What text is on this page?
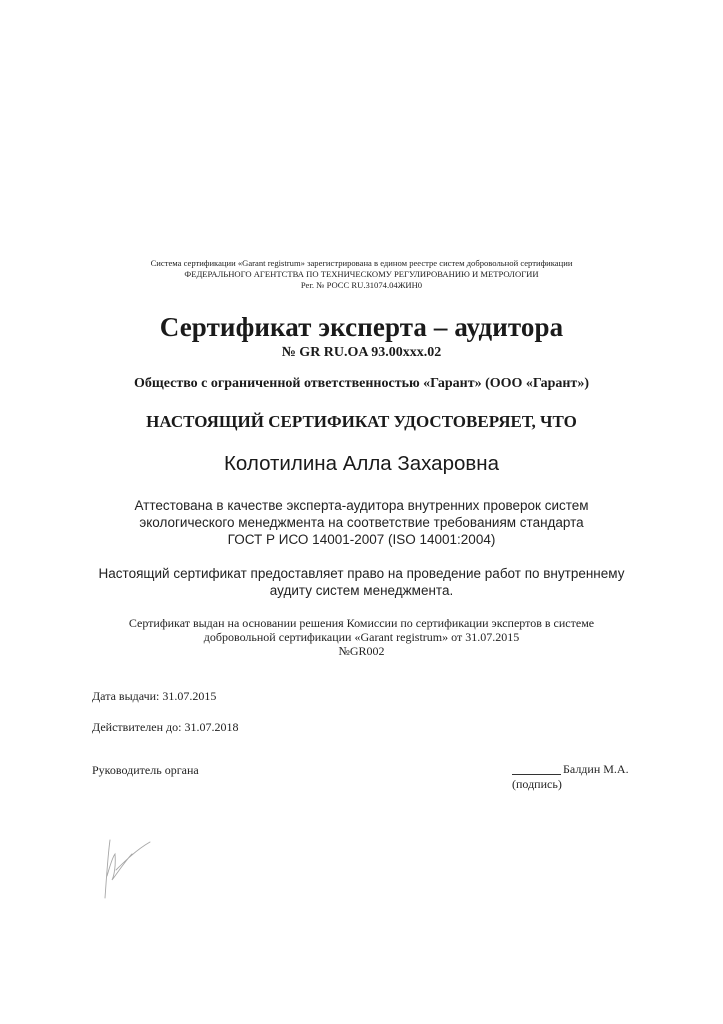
Система сертификации «Garant registrum» зарегистрирована в едином реестре систем добровольной сертификации
ФЕДЕРАЛЬНОГО АГЕНТСТВА ПО ТЕХНИЧЕСКОМУ РЕГУЛИРОВАНИЮ И МЕТРОЛОГИИ
Рег. № РОСС RU.31074.04ЖИН0
Сертификат эксперта – аудитора
№ GR RU.OA 93.00xxx.02
Общество с ограниченной ответственностью «Гарант» (ООО «Гарант»)
НАСТОЯЩИЙ СЕРТИФИКАТ УДОСТОВЕРЯЕТ, ЧТО
Колотилина Алла Захаровна
Аттестована в качестве эксперта-аудитора внутренних проверок систем
экологического менеджмента на соответствие требованиям стандарта
ГОСТ Р ИСО 14001-2007 (ISO 14001:2004)
Настоящий сертификат предоставляет право на проведение работ по внутреннему
аудиту систем менеджмента.
Сертификат выдан на основании решения Комиссии по сертификации экспертов в системе
добровольной сертификации «Garant registrum» от 31.07.2015
№GR002
Дата выдачи: 31.07.2015
Действителен до: 31.07.2018
Руководитель органа	Балдин М.А.
(подпись)
